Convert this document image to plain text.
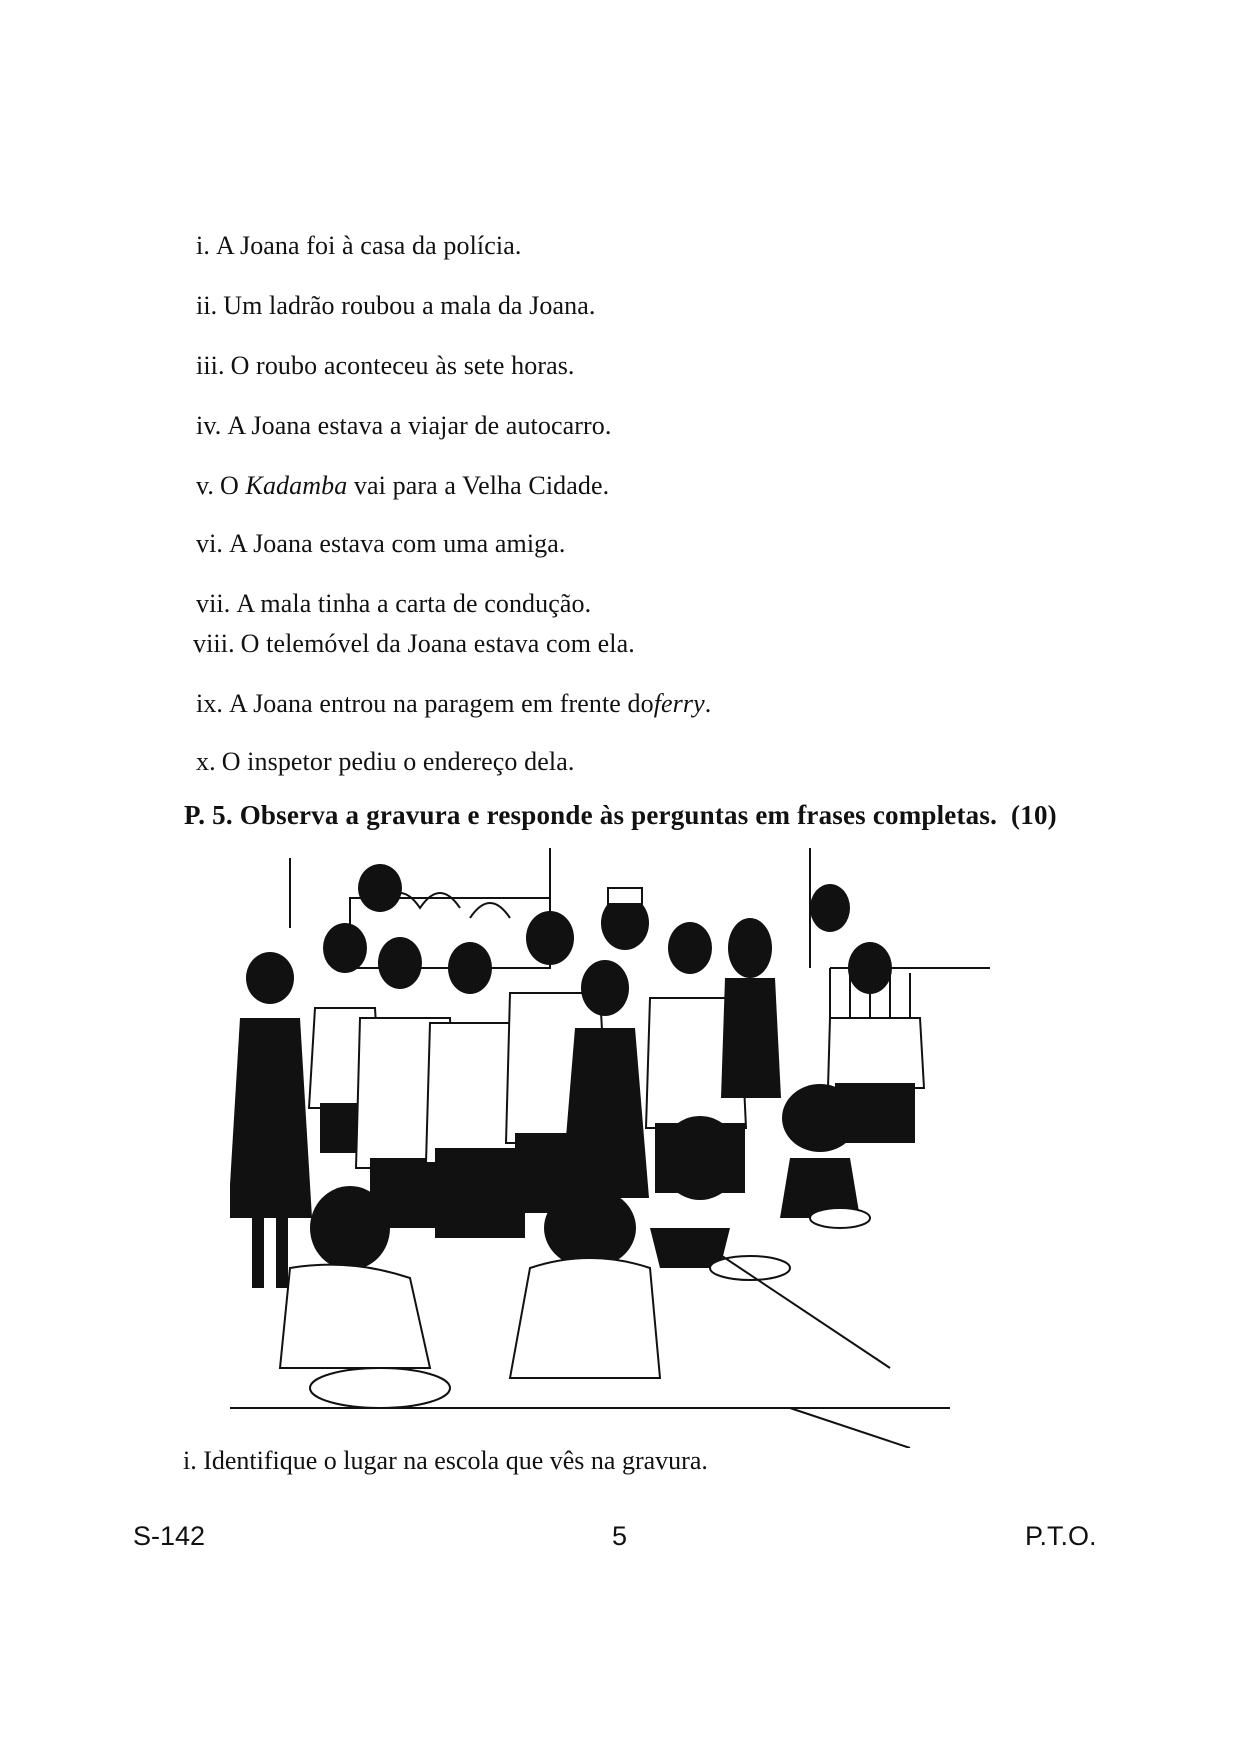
i. A Joana foi à casa da polícia.
ii. Um ladrão roubou a mala da Joana.
iii. O roubo aconteceu às sete horas.
iv. A Joana estava a viajar de autocarro.
v. O Kadamba vai para a Velha Cidade.
vi. A Joana estava com uma amiga.
vii. A mala tinha a carta de condução.
viii. O telemóvel da Joana estava com ela.
ix. A Joana entrou na paragem em frente doferry.
x. O inspetor pediu o endereço dela.
P. 5. Observa a gravura e responde às perguntas em frases completas. (10)
i. Identifique o lugar na escola que vês na gravura.
S-142	5	P.T.O.
